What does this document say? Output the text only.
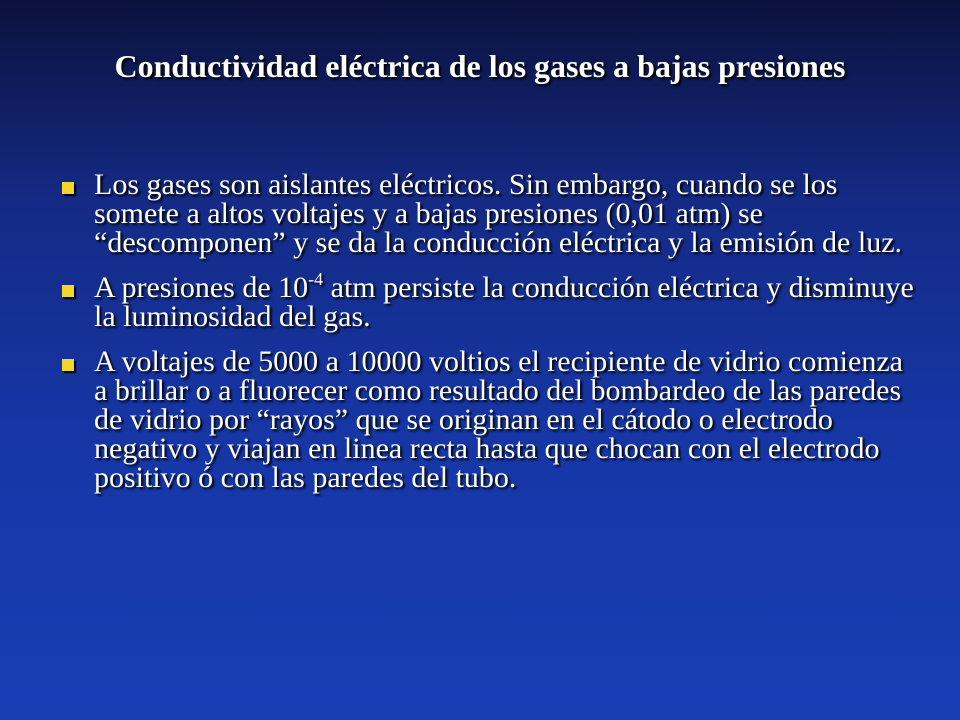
Conductividad eléctrica de los gases a bajas presiones
Los gases son aislantes eléctricos. Sin embargo, cuando se los somete a altos voltajes y a bajas presiones (0,01 atm) se “descomponen” y se da la conducción eléctrica y la emisión de luz.
A presiones de $10^{-4}$ atm persiste la conducción eléctrica y disminuye la luminosidad del gas.
A voltajes de 5000 a 10000 voltios el recipiente de vidrio comienza a brillar o a fluorecer como resultado del bombardeo de las paredes de vidrio por “rayos” que se originan en el cátodo o electrodo negativo y viajan en linea recta hasta que chocan con el electrodo positivo ó con las paredes del tubo.
